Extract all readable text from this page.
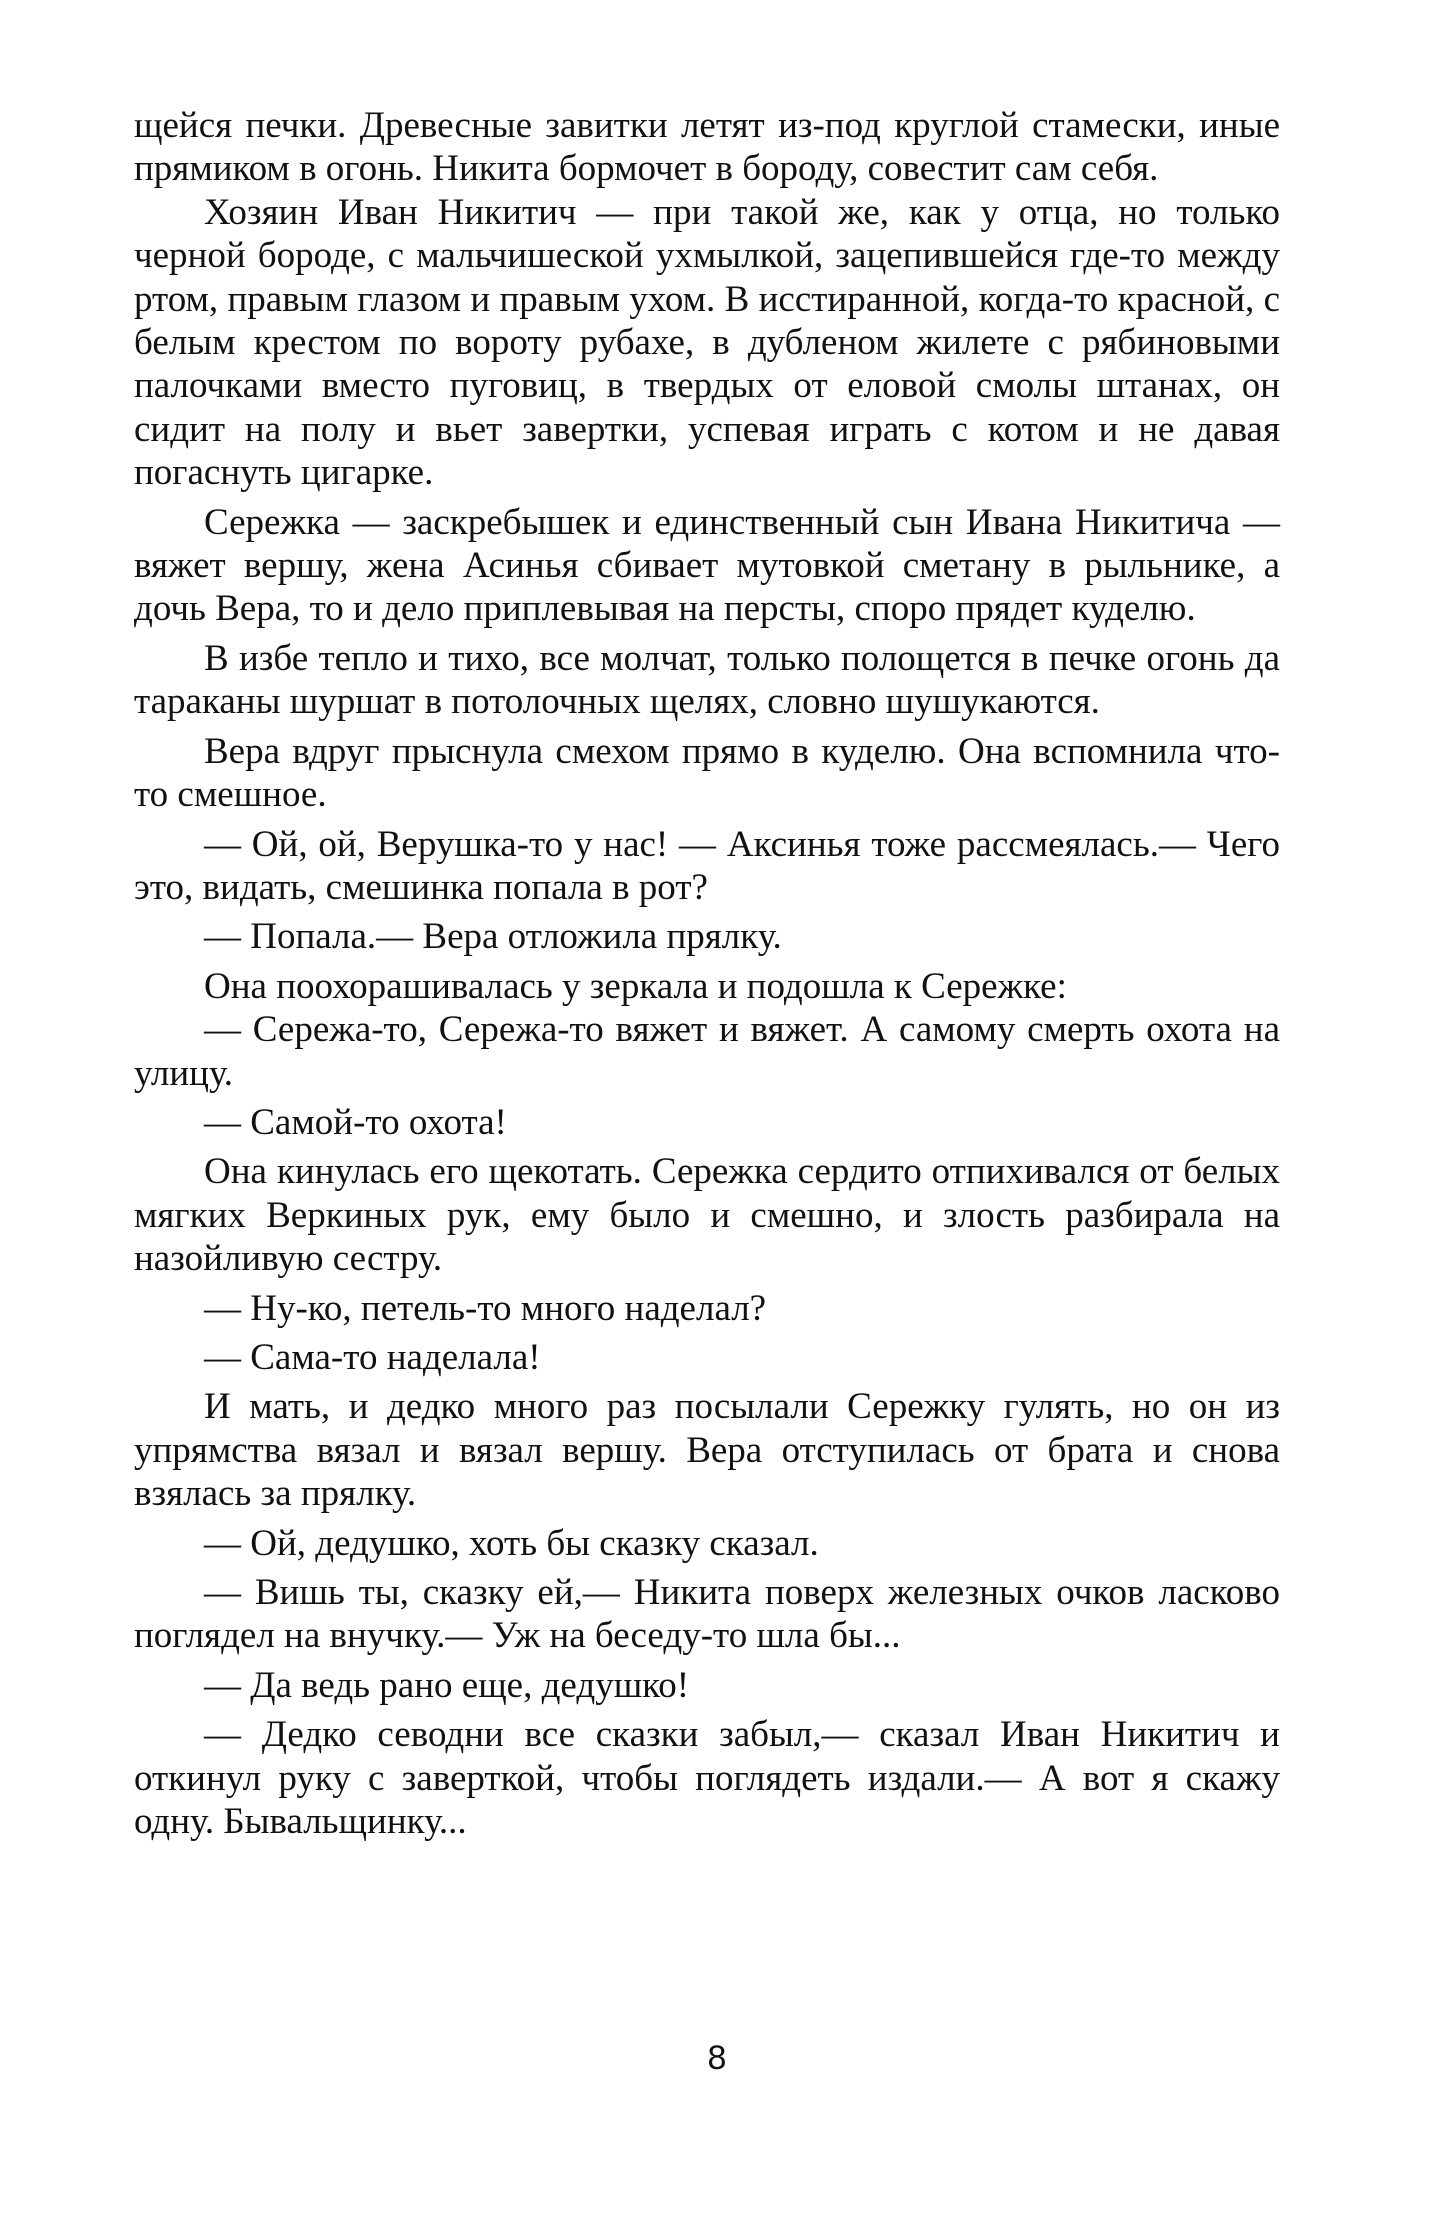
щейся печки. Древесные завитки летят из-под круглой стамески, иные прямиком в огонь. Никита бормочет в бороду, совестит сам себя.

Хозяин Иван Никитич — при такой же, как у отца, но только черной бороде, с мальчишеской ухмылкой, зацепившейся где-то между ртом, правым глазом и правым ухом. В исстиранной, когда-то красной, с белым крестом по вороту рубахе, в дубленом жилете с рябиновыми палочками вместо пуговиц, в твердых от еловой смолы штанах, он сидит на полу и вьет завертки, успевая играть с котом и не давая погаснуть цигарке.

Сережка — заскребышек и единственный сын Ивана Никитича — вяжет вершу, жена Асинья сбивает мутовкой сметану в рыльнике, а дочь Вера, то и дело приплевывая на персты, споро прядет куделю.

В избе тепло и тихо, все молчат, только полощется в печке огонь да тараканы шуршат в потолочных щелях, словно шушукаются.

Вера вдруг прыснула смехом прямо в куделю. Она вспомнила что-то смешное.

— Ой, ой, Верушка-то у нас! — Аксинья тоже рассмеялась.— Чего это, видать, смешинка попала в рот?

— Попала.— Вера отложила прялку.

Она поохорашивалась у зеркала и подошла к Сережке:

— Сережа-то, Сережа-то вяжет и вяжет. А самому смерть охота на улицу.

— Самой-то охота!

Она кинулась его щекотать. Сережка сердито отпихивался от белых мягких Веркиных рук, ему было и смешно, и злость разбирала на назойливую сестру.

— Ну-ко, петель-то много наделал?

— Сама-то наделала!

И мать, и дедко много раз посылали Сережку гулять, но он из упрямства вязал и вязал вершу. Вера отступилась от брата и снова взялась за прялку.

— Ой, дедушко, хоть бы сказку сказал.

— Вишь ты, сказку ей,— Никита поверх железных очков ласково поглядел на внучку.— Уж на беседу-то шла бы...

— Да ведь рано еще, дедушко!

— Дедко севодни все сказки забыл,— сказал Иван Никитич и откинул руку с заверткой, чтобы поглядеть издали.— А вот я скажу одну. Бывальщинку...

8
